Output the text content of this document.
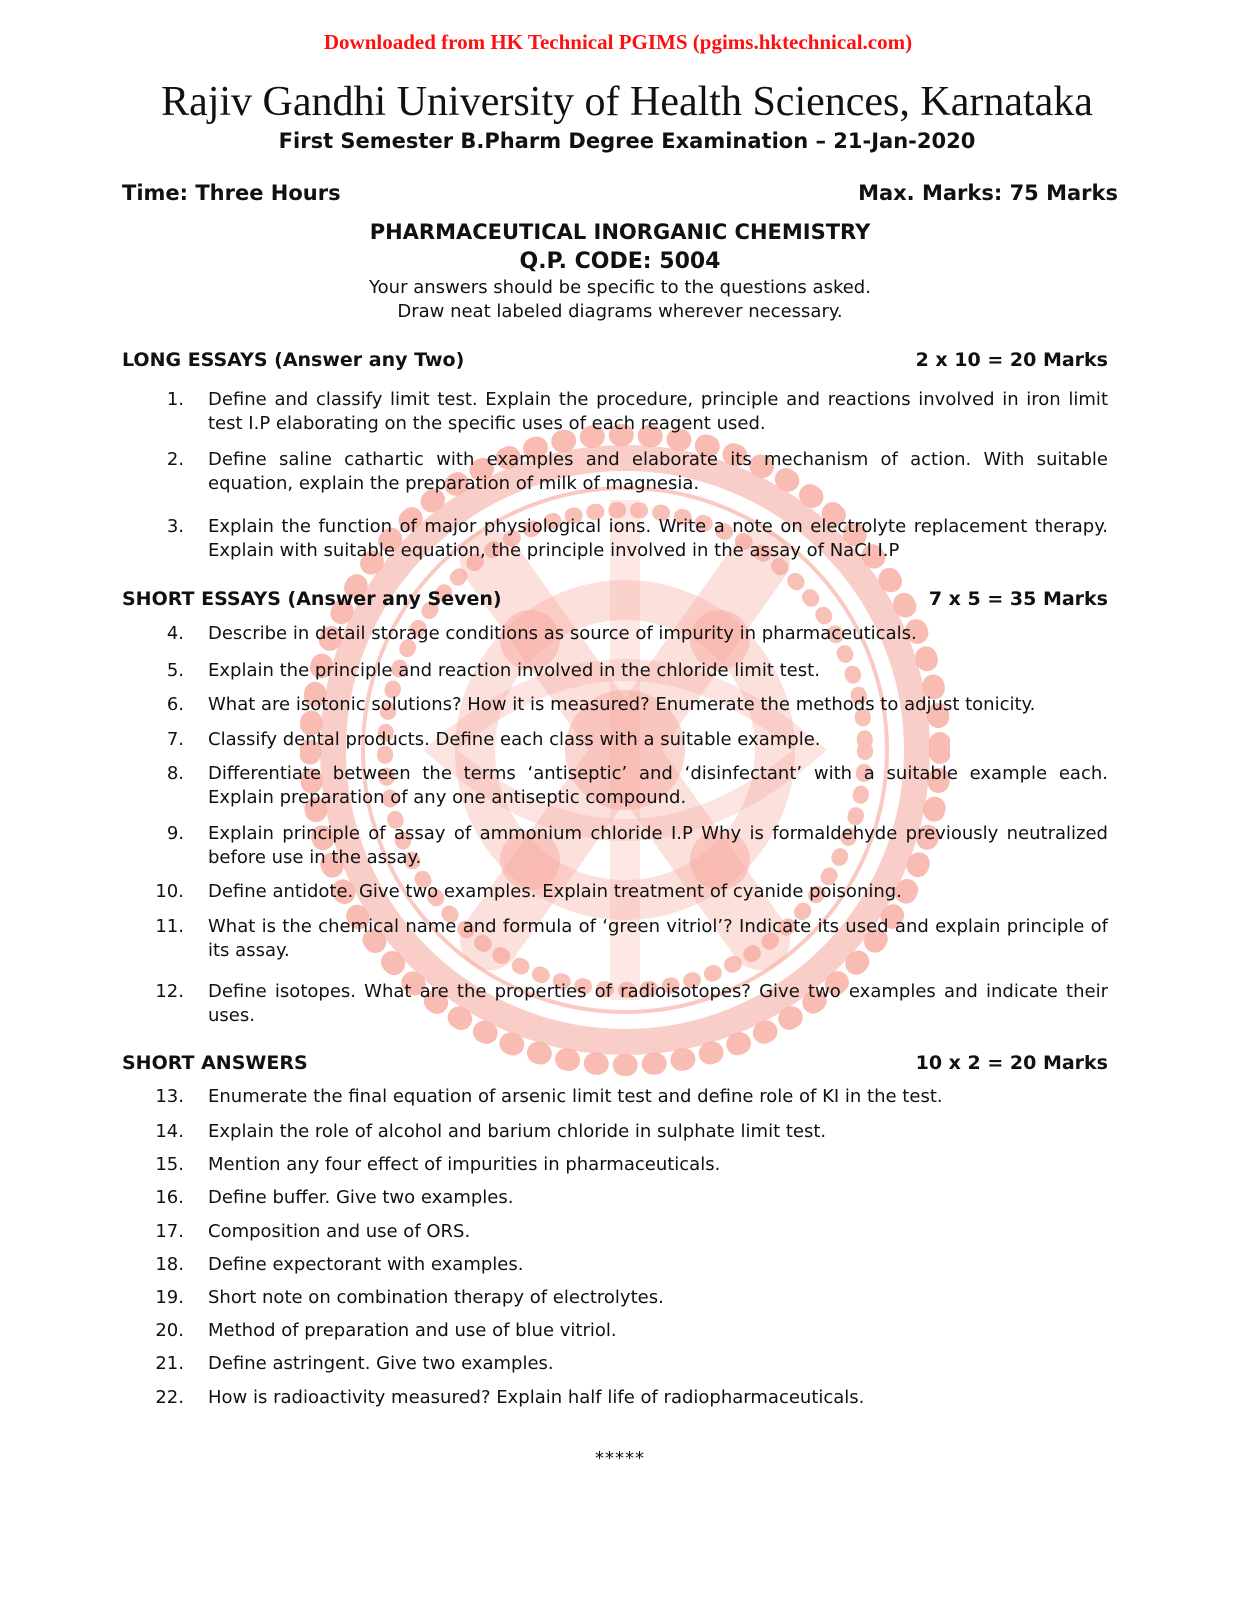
Downloaded from HK Technical PGIMS (pgims.hktechnical.com)
Rajiv Gandhi University of Health Sciences, Karnataka
First Semester B.Pharm Degree Examination – 21-Jan-2020
Time: Three Hours	Max. Marks: 75 Marks
PHARMACEUTICAL INORGANIC CHEMISTRY
Q.P. CODE: 5004
Your answers should be specific to the questions asked.
Draw neat labeled diagrams wherever necessary.
LONG ESSAYS (Answer any Two)	2 x 10 = 20 Marks
1.	Define and classify limit test. Explain the procedure, principle and reactions involved in iron limit test I.P elaborating on the specific uses of each reagent used.
2.	Define saline cathartic with examples and elaborate its mechanism of action. With suitable equation, explain the preparation of milk of magnesia.
3.	Explain the function of major physiological ions. Write a note on electrolyte replacement therapy. Explain with suitable equation, the principle involved in the assay of NaCl I.P
SHORT ESSAYS (Answer any Seven)	7 x 5 = 35 Marks
4.	Describe in detail storage conditions as source of impurity in pharmaceuticals.
5.	Explain the principle and reaction involved in the chloride limit test.
6.	What are isotonic solutions? How it is measured? Enumerate the methods to adjust tonicity.
7.	Classify dental products. Define each class with a suitable example.
8.	Differentiate between the terms ‘antiseptic’ and ‘disinfectant’ with a suitable example each. Explain preparation of any one antiseptic compound.
9.	Explain principle of assay of ammonium chloride I.P Why is formaldehyde previously neutralized before use in the assay.
10.	Define antidote. Give two examples. Explain treatment of cyanide poisoning.
11.	What is the chemical name and formula of ‘green vitriol’? Indicate its used and explain principle of its assay.
12.	Define isotopes. What are the properties of radioisotopes? Give two examples and indicate their uses.
SHORT ANSWERS	10 x 2 = 20 Marks
13.	Enumerate the final equation of arsenic limit test and define role of KI in the test.
14.	Explain the role of alcohol and barium chloride in sulphate limit test.
15.	Mention any four effect of impurities in pharmaceuticals.
16.	Define buffer. Give two examples.
17.	Composition and use of ORS.
18.	Define expectorant with examples.
19.	Short note on combination therapy of electrolytes.
20.	Method of preparation and use of blue vitriol.
21.	Define astringent. Give two examples.
22.	How is radioactivity measured? Explain half life of radiopharmaceuticals.
*****
